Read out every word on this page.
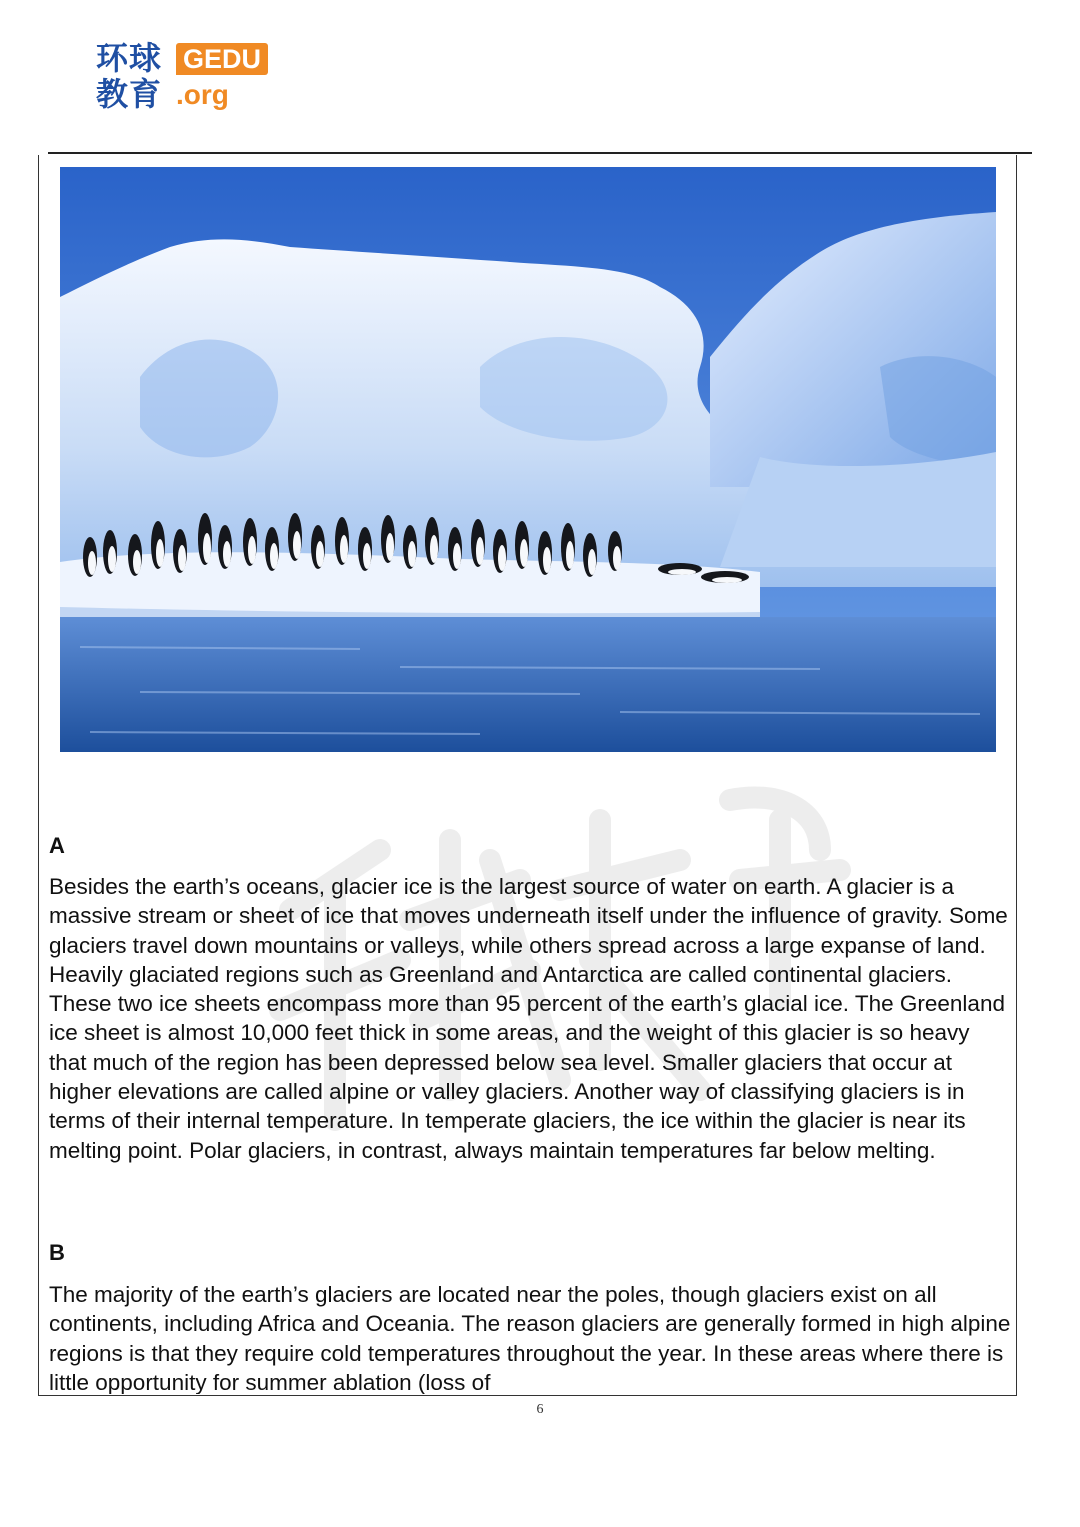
环球
教育
GEDU
.org
A

Besides the earth’s oceans, glacier ice is the largest source of water on earth. A glacier is a massive stream or sheet of ice that moves underneath itself under the influence of gravity. Some glaciers travel down mountains or valleys, while others spread across a large expanse of land. Heavily glaciated regions such as Greenland and Antarctica are called continental glaciers. These two ice sheets encompass more than 95 percent of the earth’s glacial ice. The Greenland ice sheet is almost 10,000 feet thick in some areas, and the weight of this glacier is so heavy that much of the region has been depressed below sea level. Smaller glaciers that occur at higher elevations are called alpine or valley glaciers. Another way of classifying glaciers is in terms of their internal temperature. In temperate glaciers, the ice within the glacier is near its melting point. Polar glaciers, in contrast, always maintain temperatures far below melting.

B

The majority of the earth’s glaciers are located near the poles, though glaciers exist on all continents, including Africa and Oceania. The reason glaciers are generally formed in high alpine regions is that they require cold temperatures throughout the year. In these areas where there is little opportunity for summer ablation (loss of

6
